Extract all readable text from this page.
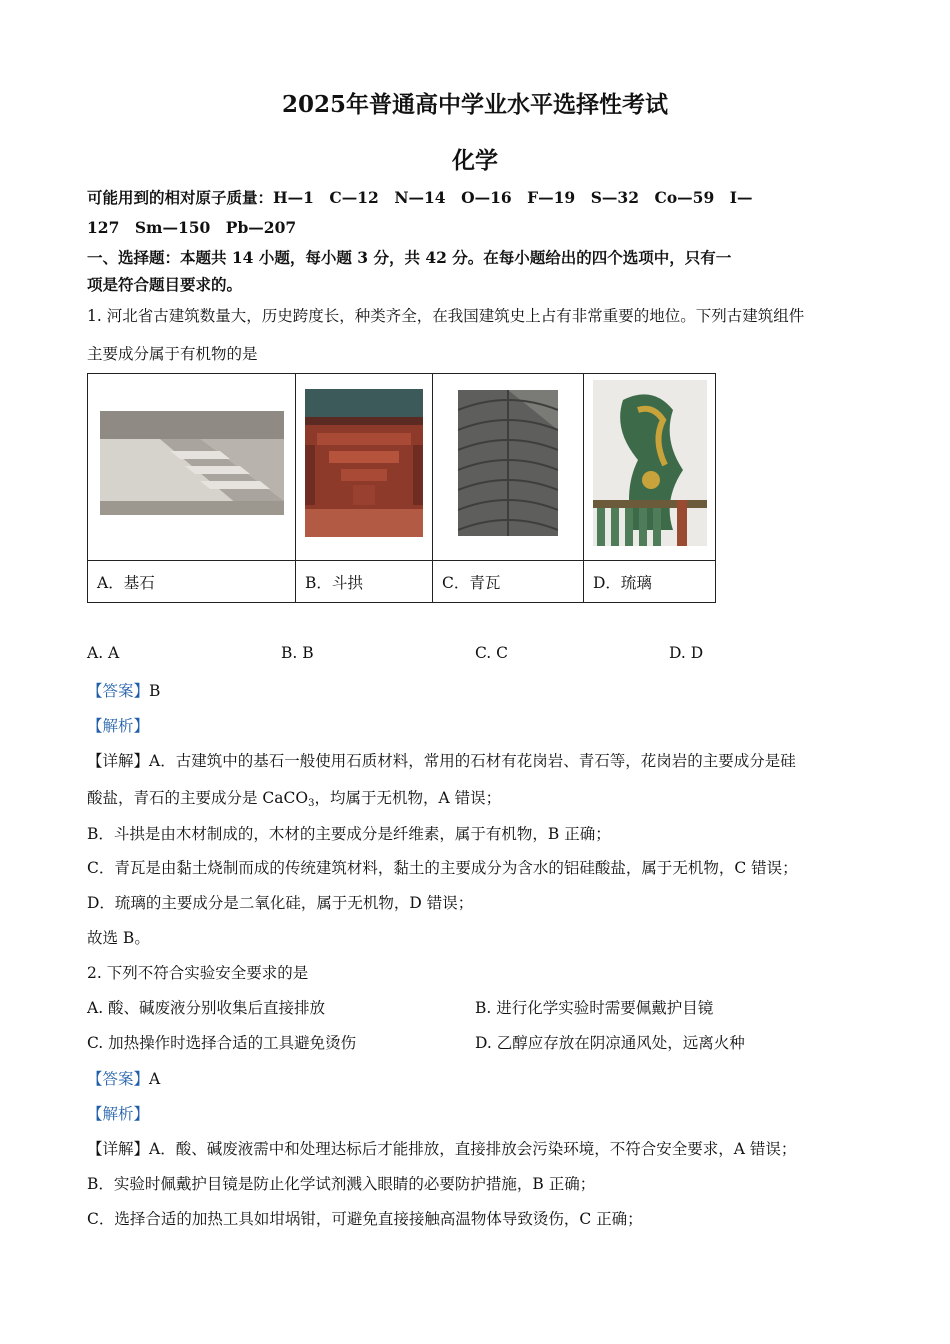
2025年普通高中学业水平选择性考试
化学
可能用到的相对原子质量：H—1　C—12　N—14　O—16　F—19　S—32　Co—59　I—
127　Sm—150　Pb—207
一、选择题：本题共 14 小题，每小题 3 分，共 42 分。在每小题给出的四个选项中，只有一
项是符合题目要求的。
1. 河北省古建筑数量大，历史跨度长，种类齐全，在我国建筑史上占有非常重要的地位。下列古建筑组件
主要成分属于有机物的是

A．基石	B．斗拱	C．青瓦	D．琉璃
A. A	B. B	C. C	D. D
【答案】B
【解析】
【详解】A．古建筑中的基石一般使用石质材料，常用的石材有花岗岩、青石等，花岗岩的主要成分是硅
酸盐，青石的主要成分是 CaCO$_3$，均属于无机物，A 错误；
B．斗拱是由木材制成的，木材的主要成分是纤维素，属于有机物，B 正确；
C．青瓦是由黏土烧制而成的传统建筑材料，黏土的主要成分为含水的铝硅酸盐，属于无机物，C 错误；
D．琉璃的主要成分是二氧化硅，属于无机物，D 错误；
故选 B。
2. 下列不符合实验安全要求的是
A. 酸、碱废液分别收集后直接排放	B. 进行化学实验时需要佩戴护目镜
C. 加热操作时选择合适的工具避免烫伤	D. 乙醇应存放在阴凉通风处，远离火种
【答案】A
【解析】
【详解】A．酸、碱废液需中和处理达标后才能排放，直接排放会污染环境，不符合安全要求，A 错误；
B．实验时佩戴护目镜是防止化学试剂溅入眼睛的必要防护措施，B 正确；
C．选择合适的加热工具如坩埚钳，可避免直接接触高温物体导致烫伤，C 正确；
